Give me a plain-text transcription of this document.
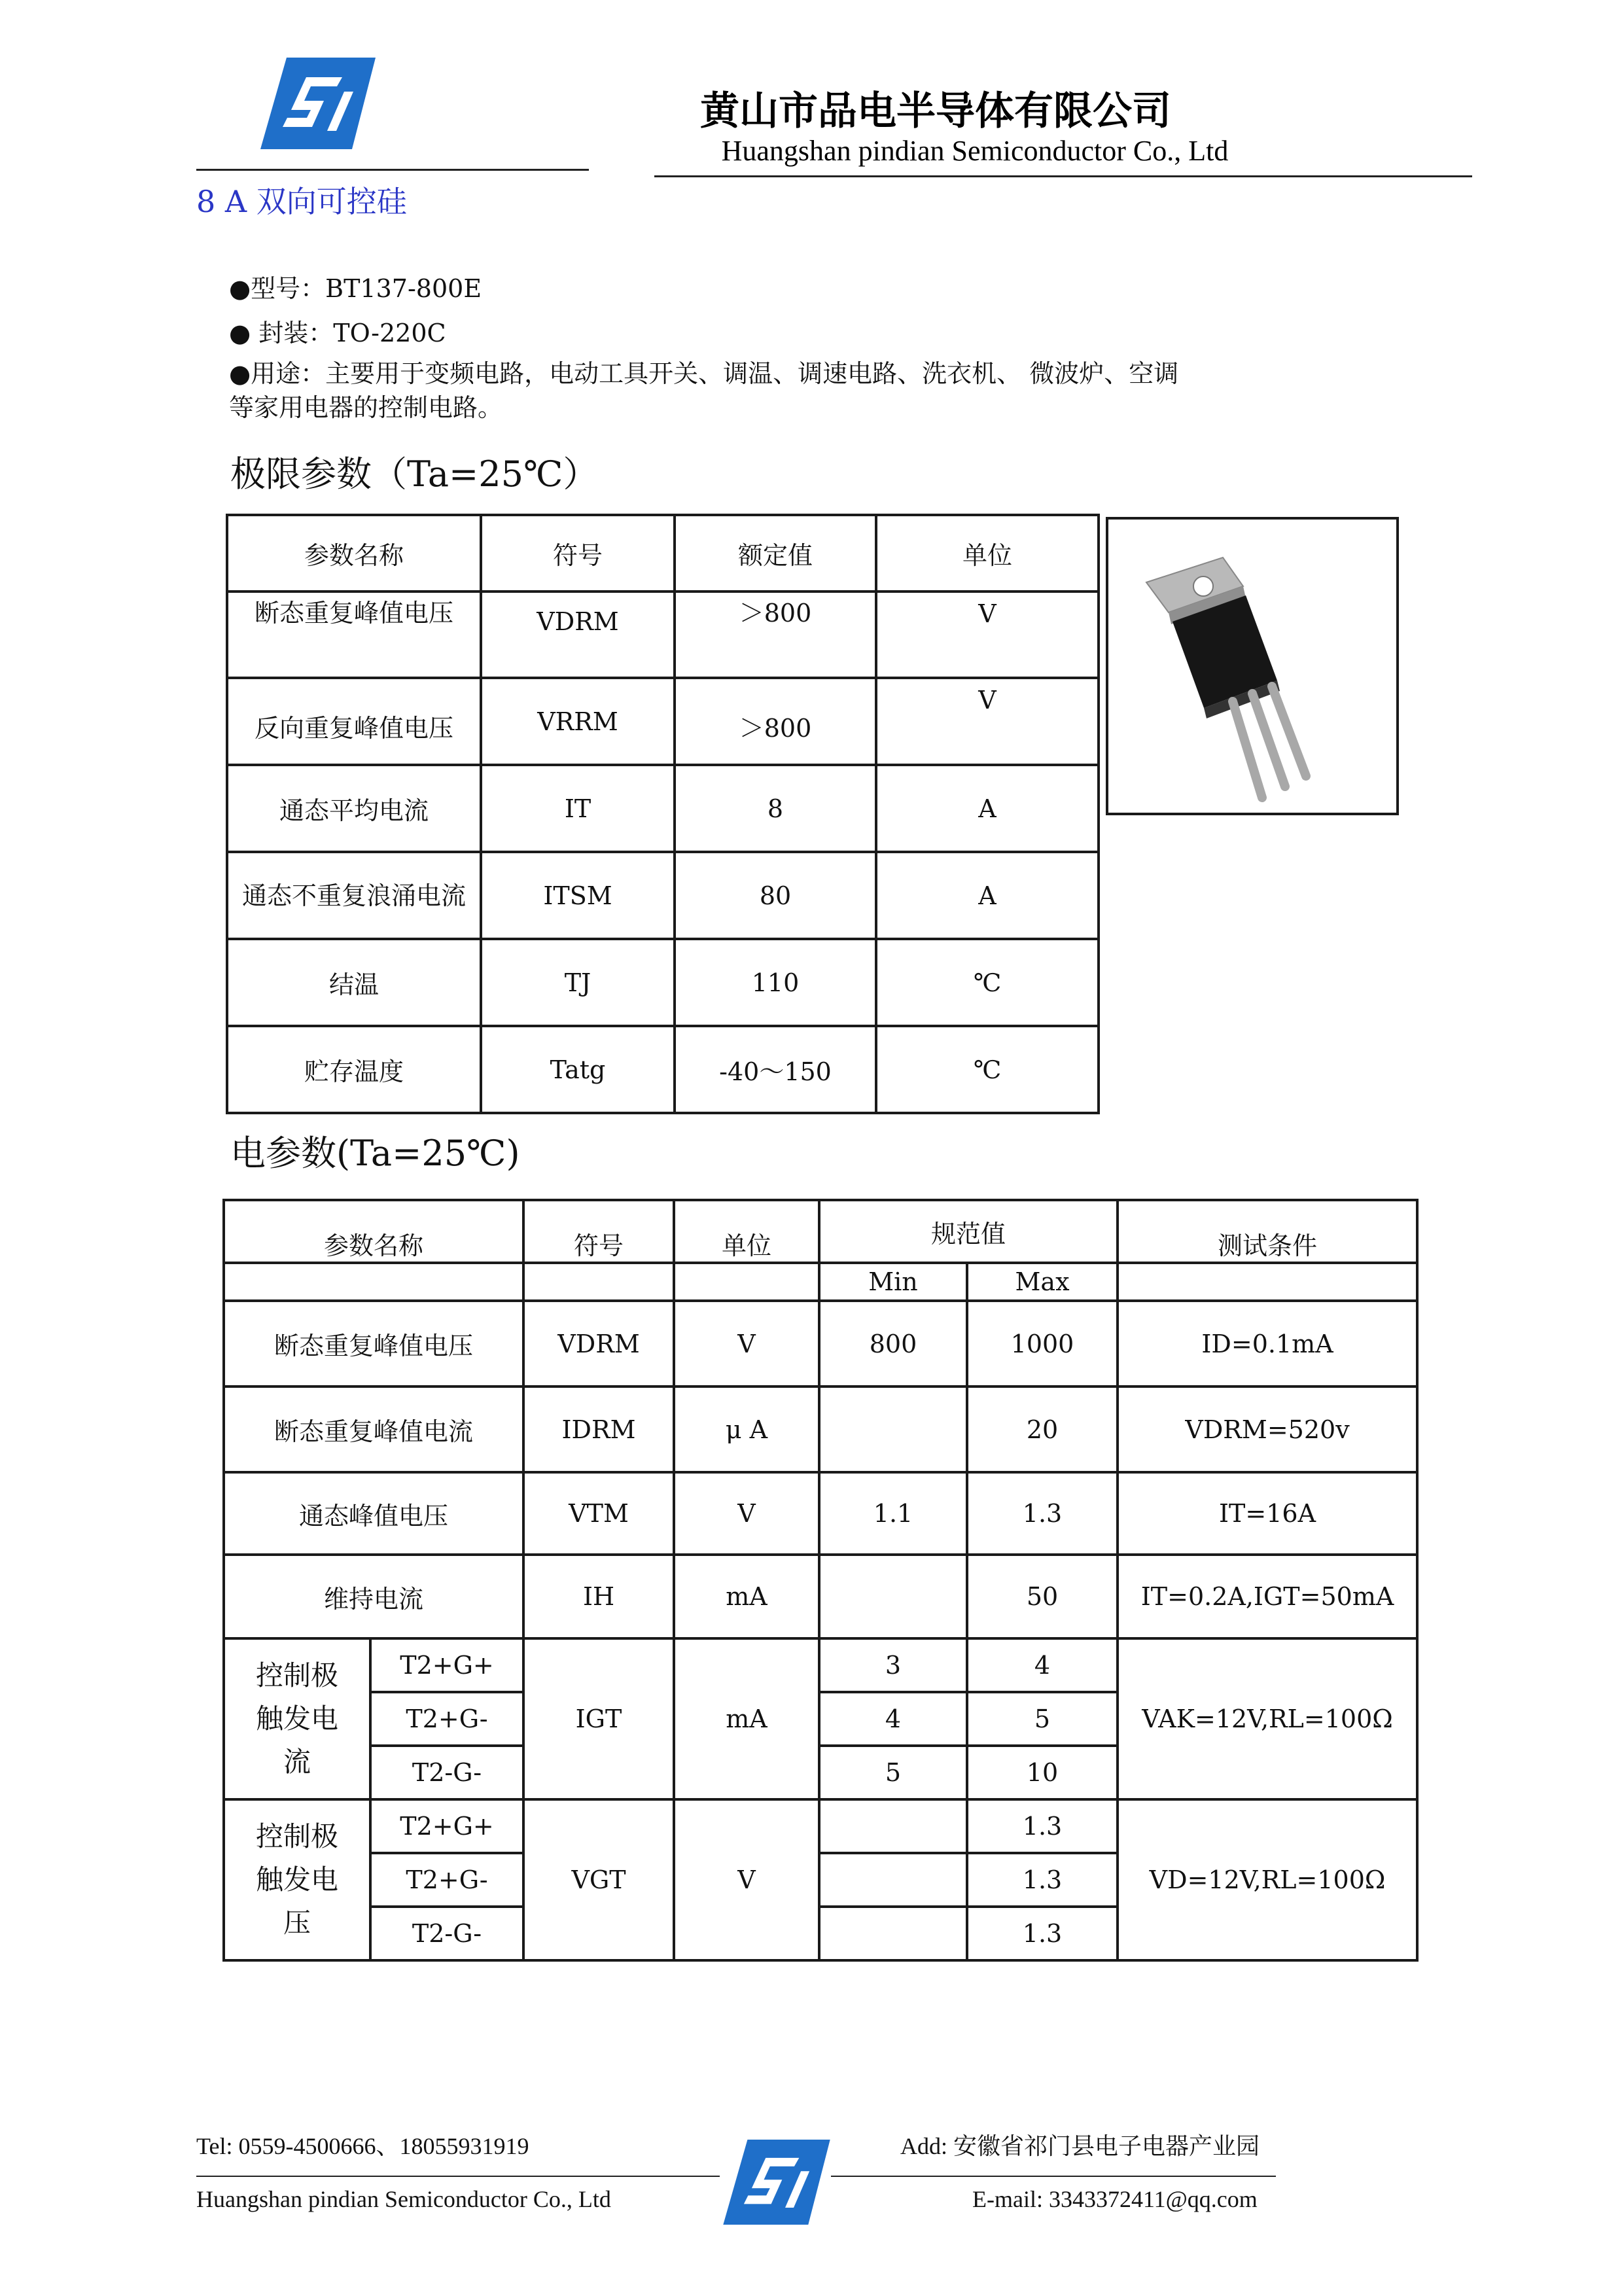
黄山市品电半导体有限公司
Huangshan pindian Semiconductor Co., Ltd
8 A 双向可控硅
●型号：BT137-800E
● 封装：TO-220C
●用途：主要用于变频电路，电动工具开关、调温、调速电路、洗衣机、 微波炉、空调
等家用电器的控制电路。
极限参数（Ta=25℃）
参数名称	符号	额定值	单位

断态重复峰值电压	VDRM	＞800	V
反向重复峰值电压	VRRM	＞800	V
通态平均电流	IT	8	A
通态不重复浪涌电流	ITSM	80	A
结温	TJ	110	℃
贮存温度	Tatg	-40～150	℃
电参数(Ta=25℃)
参数名称		符号	单位	规范值		测试条件
				Min	Max	
断态重复峰值电压		VDRM	V	800	1000	ID=0.1mA
断态重复峰值电流		IDRM	μ A		20	VDRM=520v
通态峰值电压		VTM	V	1.1	1.3	IT=16A
维持电流		IH	mA		50	IT=0.2A,IGT=50mA
控制极触发电流	T2+G+	IGT	mA	3	4	VAK=12V,RL=100Ω
	T2+G-			4	5	
	T2-G-			5	10	
控制极触发电压	T2+G+	VGT	V		1.3	VD=12V,RL=100Ω
	T2+G-				1.3	
	T2-G-				1.3	
Tel: 0559-4500666、18055931919	Add: 安徽省祁门县电子电器产业园
Huangshan pindian Semiconductor Co., Ltd	E-mail: 3343372411@qq.com
